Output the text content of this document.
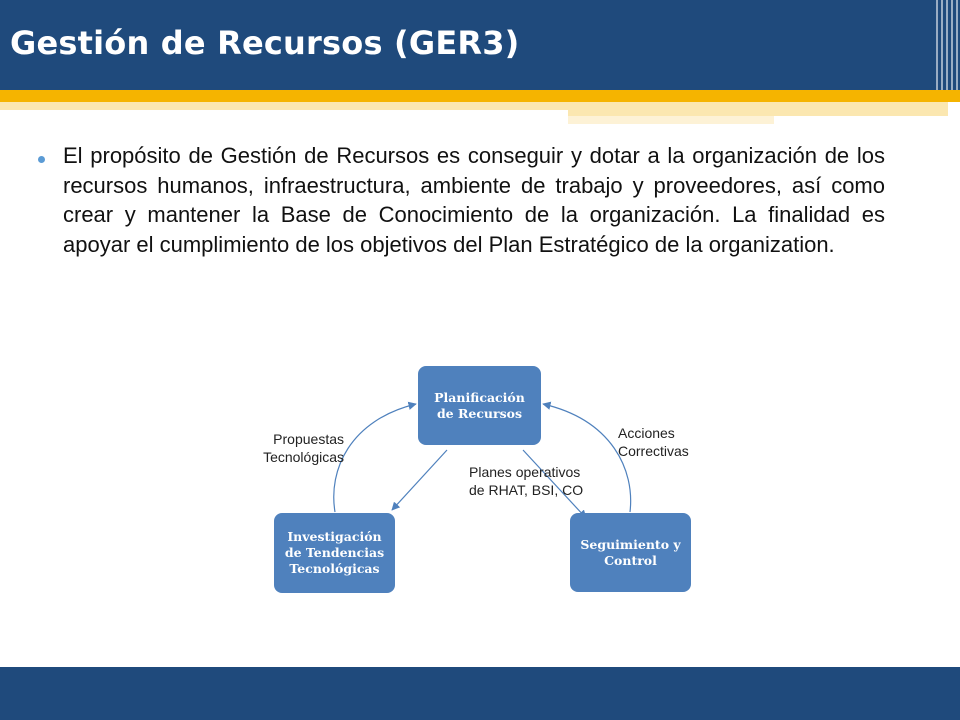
Gestión de Recursos (GER3)
El propósito de Gestión de Recursos es conseguir y dotar a la organización de los recursos humanos, infraestructura, ambiente de trabajo y proveedores, así como crear y mantener la Base de Conocimiento de la organización. La finalidad es apoyar el cumplimiento de los objetivos del Plan Estratégico de la organization.
Planificación
de Recursos
Investigación
de Tendencias
Tecnológicas
Seguimiento y
Control
Propuestas
Tecnológicas
Acciones
Correctivas
Planes operativos
de RHAT, BSI, CO
